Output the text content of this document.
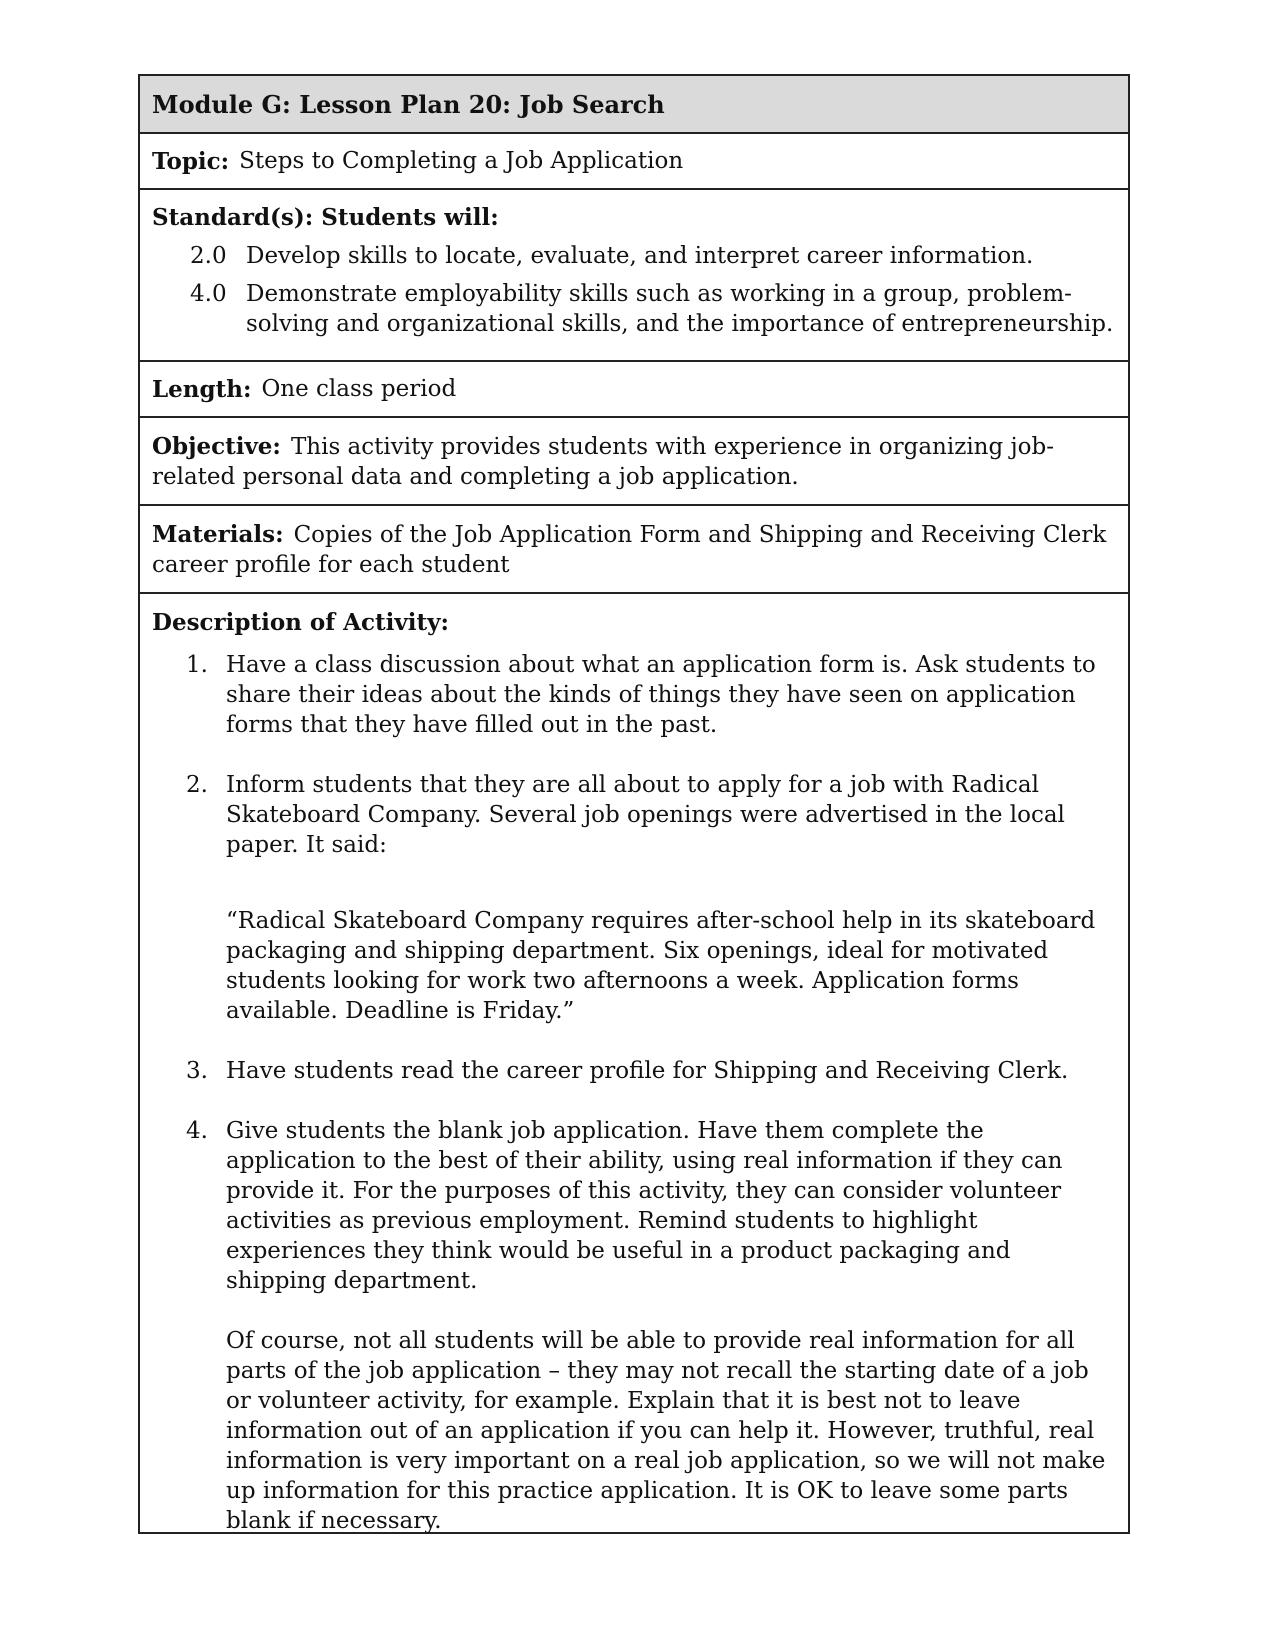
Module G: Lesson Plan 20: Job Search
Topic: Steps to Completing a Job Application
Standard(s): Students will:
2.0 Develop skills to locate, evaluate, and interpret career information.
4.0 Demonstrate employability skills such as working in a group, problem-solving and organizational skills, and the importance of entrepreneurship.
Length: One class period
Objective: This activity provides students with experience in organizing job-related personal data and completing a job application.
Materials: Copies of the Job Application Form and Shipping and Receiving Clerk career profile for each student
Description of Activity:
1. Have a class discussion about what an application form is. Ask students to share their ideas about the kinds of things they have seen on application forms that they have filled out in the past.

2. Inform students that they are all about to apply for a job with Radical Skateboard Company. Several job openings were advertised in the local paper. It said:

“Radical Skateboard Company requires after-school help in its skateboard packaging and shipping department. Six openings, ideal for motivated students looking for work two afternoons a week. Application forms available. Deadline is Friday.”

3. Have students read the career profile for Shipping and Receiving Clerk.

4. Give students the blank job application. Have them complete the application to the best of their ability, using real information if they can provide it. For the purposes of this activity, they can consider volunteer activities as previous employment. Remind students to highlight experiences they think would be useful in a product packaging and shipping department.

Of course, not all students will be able to provide real information for all parts of the job application – they may not recall the starting date of a job or volunteer activity, for example. Explain that it is best not to leave information out of an application if you can help it. However, truthful, real information is very important on a real job application, so we will not make up information for this practice application. It is OK to leave some parts blank if necessary.
